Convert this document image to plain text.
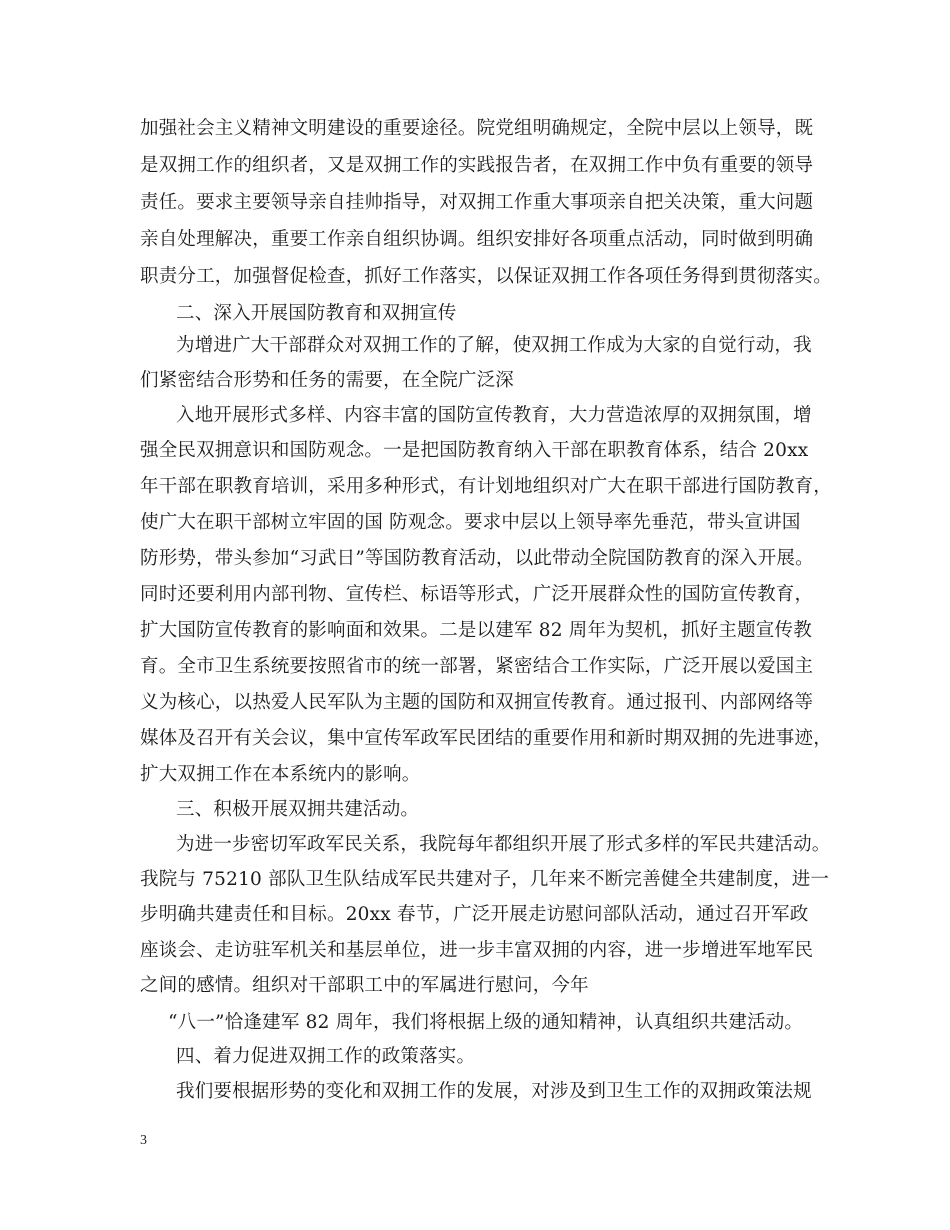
加强社会主义精神文明建设的重要途径。院党组明确规定，全院中层以上领导，既
是双拥工作的组织者，又是双拥工作的实践报告者，在双拥工作中负有重要的领导
责任。要求主要领导亲自挂帅指导，对双拥工作重大事项亲自把关决策，重大问题
亲自处理解决，重要工作亲自组织协调。组织安排好各项重点活动，同时做到明确
职责分工，加强督促检查，抓好工作落实，以保证双拥工作各项任务得到贯彻落实。
二、深入开展国防教育和双拥宣传
为增进广大干部群众对双拥工作的了解，使双拥工作成为大家的自觉行动，我
们紧密结合形势和任务的需要，在全院广泛深
入地开展形式多样、内容丰富的国防宣传教育，大力营造浓厚的双拥氛围，增
强全民双拥意识和国防观念。一是把国防教育纳入干部在职教育体系，结合 20xx
年干部在职教育培训，采用多种形式，有计划地组织对广大在职干部进行国防教育，
使广大在职干部树立牢固的国 防观念。要求中层以上领导率先垂范，带头宣讲国
防形势，带头参加“习武日”等国防教育活动，以此带动全院国防教育的深入开展。
同时还要利用内部刊物、宣传栏、标语等形式，广泛开展群众性的国防宣传教育，
扩大国防宣传教育的影响面和效果。二是以建军 82 周年为契机，抓好主题宣传教
育。全市卫生系统要按照省市的统一部署，紧密结合工作实际，广泛开展以爱国主
义为核心，以热爱人民军队为主题的国防和双拥宣传教育。通过报刊、内部网络等
媒体及召开有关会议，集中宣传军政军民团结的重要作用和新时期双拥的先进事迹，
扩大双拥工作在本系统内的影响。
三、积极开展双拥共建活动。
为进一步密切军政军民关系，我院每年都组织开展了形式多样的军民共建活动。
我院与 75210 部队卫生队结成军民共建对子，几年来不断完善健全共建制度，进一
步明确共建责任和目标。20xx 春节，广泛开展走访慰问部队活动，通过召开军政
座谈会、走访驻军机关和基层单位，进一步丰富双拥的内容，进一步增进军地军民
之间的感情。组织对干部职工中的军属进行慰问，今年
“八一”恰逢建军 82 周年，我们将根据上级的通知精神，认真组织共建活动。
四、着力促进双拥工作的政策落实。
我们要根据形势的变化和双拥工作的发展，对涉及到卫生工作的双拥政策法规
3
